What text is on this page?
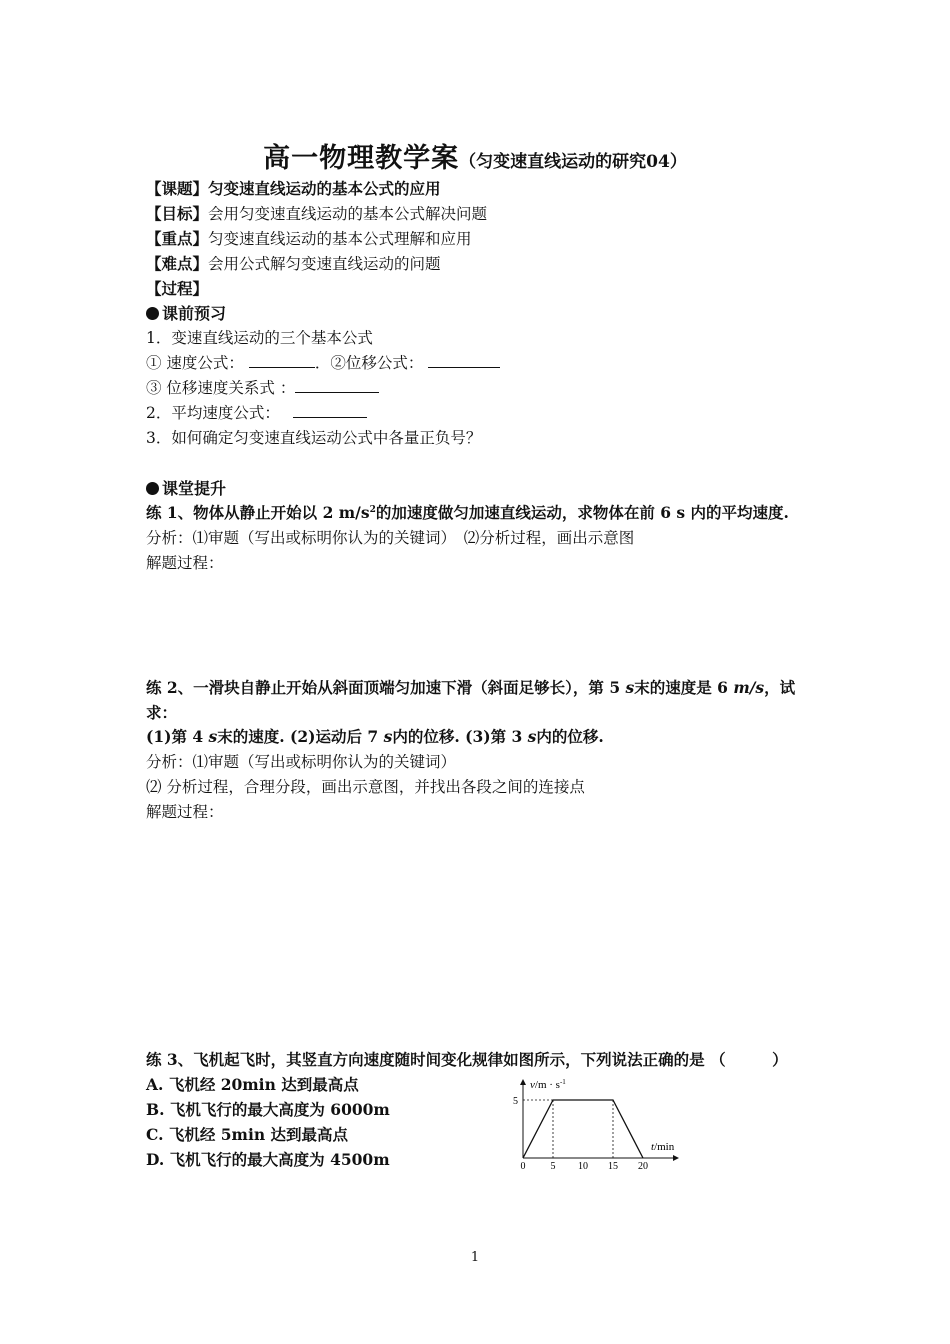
高一物理教学案（匀变速直线运动的研究04）
【课题】匀变速直线运动的基本公式的应用
【目标】会用匀变速直线运动的基本公式解决问题
【重点】匀变速直线运动的基本公式理解和应用
【难点】会用公式解匀变速直线运动的问题
【过程】
课前预习
1．变速直线运动的三个基本公式
① 速度公式：	．②位移公式：
③ 位移速度关系式 ：
2．平均速度公式：
3．如何确定匀变速直线运动公式中各量正负号？
课堂提升
练 1、物体从静止开始以 2 $m/s^2$的加速度做匀加速直线运动，求物体在前 6 s 内的平均速度.
分析：⑴审题（写出或标明你认为的关键词）　⑵分析过程，画出示意图
解题过程：
练 2、一滑块自静止开始从斜面顶端匀加速下滑（斜面足够长），第 5 s末的速度是 6 m/s，试
求：
(1)第 4 s末的速度. (2)运动后 7 s内的位移. (3)第 3 s内的位移.
分析：⑴审题（写出或标明你认为的关键词）
⑵ 分析过程，合理分段，画出示意图，并找出各段之间的连接点
解题过程：
练 3、飞机起飞时，其竖直方向速度随时间变化规律如图所示，下列说法正确的是 （　　　）
A. 飞机经 20min 达到最高点
B. 飞机飞行的最大高度为 6000m
C. 飞机经 5min 达到最高点
D. 飞机飞行的最大高度为 4500m	0	5 10 15 20
5
$v/m \cdot s^{-1}$
t/min
1
